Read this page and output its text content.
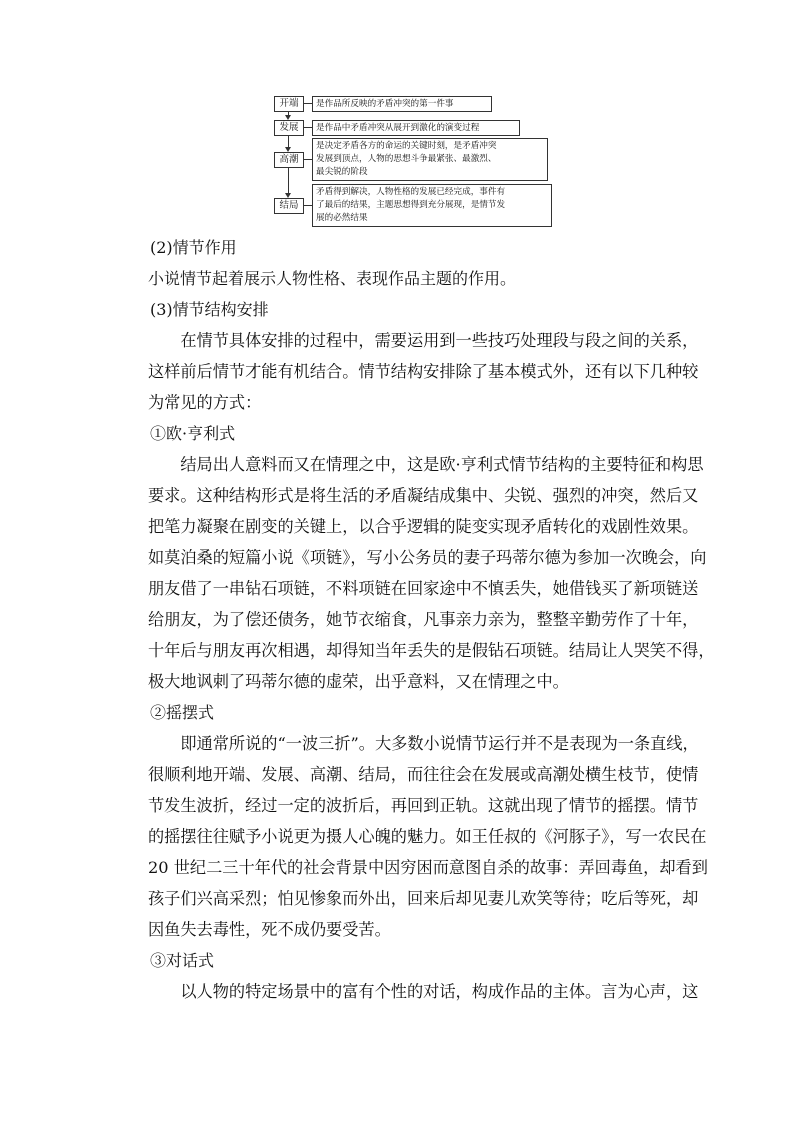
开端
发展
高潮
结局
是作品所反映的矛盾冲突的第一件事
是作品中矛盾冲突从展开到激化的演变过程
是决定矛盾各方的命运的关键时刻，是矛盾冲突
发展到顶点，人物的思想斗争最紧张、最激烈、
最尖锐的阶段
矛盾得到解决，人物性格的发展已经完成，事件有
了最后的结果，主题思想得到充分展现，是情节发
展的必然结果
(2)情节作用
小说情节起着展示人物性格、表现作品主题的作用。
(3)情节结构安排
　　在情节具体安排的过程中，需要运用到一些技巧处理段与段之间的关系，
这样前后情节才能有机结合。情节结构安排除了基本模式外，还有以下几种较
为常见的方式：
①欧·亨利式
　　结局出人意料而又在情理之中，这是欧·亨利式情节结构的主要特征和构思
要求。这种结构形式是将生活的矛盾凝结成集中、尖锐、强烈的冲突，然后又
把笔力凝聚在剧变的关键上，以合乎逻辑的陡变实现矛盾转化的戏剧性效果。
如莫泊桑的短篇小说《项链》，写小公务员的妻子玛蒂尔德为参加一次晚会，向
朋友借了一串钻石项链，不料项链在回家途中不慎丢失，她借钱买了新项链送
给朋友，为了偿还债务，她节衣缩食，凡事亲力亲为，整整辛勤劳作了十年，
十年后与朋友再次相遇，却得知当年丢失的是假钻石项链。结局让人哭笑不得，
极大地讽刺了玛蒂尔德的虚荣，出乎意料，又在情理之中。
②摇摆式
　　即通常所说的“一波三折”。大多数小说情节运行并不是表现为一条直线，
很顺利地开端、发展、高潮、结局，而往往会在发展或高潮处横生枝节，使情
节发生波折，经过一定的波折后，再回到正轨。这就出现了情节的摇摆。情节
的摇摆往往赋予小说更为摄人心魄的魅力。如王任叔的《河豚子》，写一农民在
20 世纪二三十年代的社会背景中因穷困而意图自杀的故事：弄回毒鱼，却看到
孩子们兴高采烈；怕见惨象而外出，回来后却见妻儿欢笑等待；吃后等死，却
因鱼失去毒性，死不成仍要受苦。
③对话式
　　以人物的特定场景中的富有个性的对话，构成作品的主体。言为心声，这
